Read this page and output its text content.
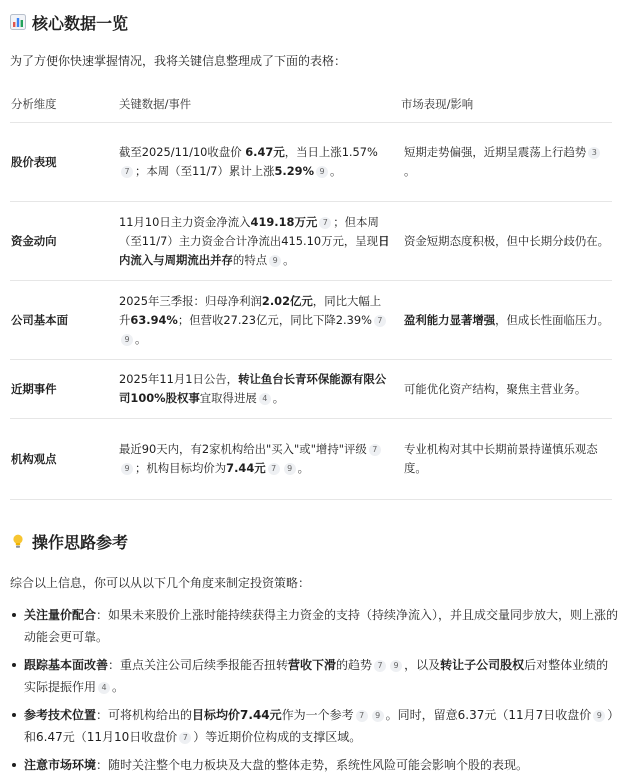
核心数据一览
为了方便你快速掌握情况，我将关键信息整理成了下面的表格：
分析维度	关键数据/事件	市场表现/影响
股价表现	截至2025/11/10收盘价 6.47元，当日上涨1.57%7 ；本周（至11/7）累计上涨5.29% 9 。	短期走势偏强，近期呈震荡上行趋势 3。
资金动向	11月10日主力资金净流入419.18万元 7 ；但本周（至11/7）主力资金合计净流出415.10万元，呈现日内流入与周期流出并存的特点 9 。	资金短期态度积极，但中长期分歧仍在。
公司基本面	2025年三季报：归母净利润2.02亿元，同比大幅上升63.94%；但营收27.23亿元，同比下降2.39% 79 。	盈利能力显著增强，但成长性面临压力。
近期事件	2025年11月1日公告，转让鱼台长青环保能源有限公司100%股权事宜取得进展 4 。	可能优化资产结构，聚焦主营业务。
机构观点	最近90天内，有2家机构给出"买入"或"增持"评级 79 ；机构目标均价为7.44元 7 9 。	专业机构对其中长期前景持谨慎乐观态度。
操作思路参考
综合以上信息，你可以从以下几个角度来制定投资策略：
关注量价配合：如果未来股价上涨时能持续获得主力资金的支持（持续净流入），并且成交量同步放大，则上涨的动能会更可靠。
跟踪基本面改善：重点关注公司后续季报能否扭转营收下滑的趋势 7 9 ，以及转让子公司股权后对整体业绩的实际提振作用 4 。
参考技术位置：可将机构给出的目标均价7.44元作为一个参考 7 9 。同时，留意6.37元（11月7日收盘价 9 ）和6.47元（11月10日收盘价 7 ）等近期价位构成的支撑区域。
注意市场环境：随时关注整个电力板块及大盘的整体走势，系统性风险可能会影响个股的表现。
